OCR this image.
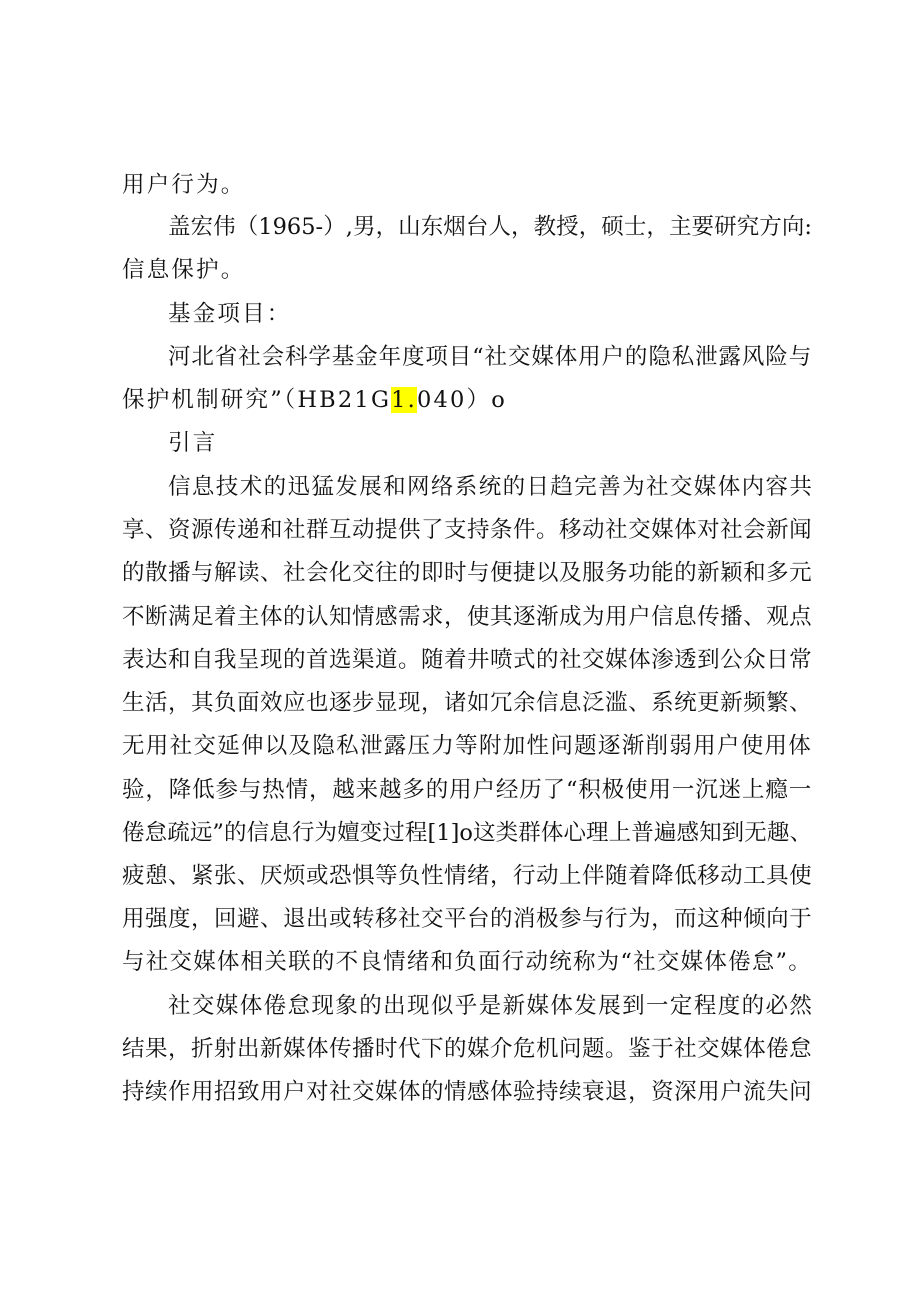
用户行为。

盖宏伟（1965-）,男，山东烟台人，教授，硕士，主要研究方向:

信息保护。

基金项目：

河北省社会科学基金年度项目“社交媒体用户的隐私泄露风险与

保护机制研究”（HB21G1.040）o

引言

信息技术的迅猛发展和网络系统的日趋完善为社交媒体内容共

享、资源传递和社群互动提供了支持条件。移动社交媒体对社会新闻

的散播与解读、社会化交往的即时与便捷以及服务功能的新颖和多元

不断满足着主体的认知情感需求，使其逐渐成为用户信息传播、观点

表达和自我呈现的首选渠道。随着井喷式的社交媒体渗透到公众日常

生活，其负面效应也逐步显现，诸如冗余信息泛滥、系统更新频繁、

无用社交延伸以及隐私泄露压力等附加性问题逐渐削弱用户使用体

验，降低参与热情，越来越多的用户经历了“积极使用一沉迷上瘾一

倦怠疏远”的信息行为嬗变过程[1]o这类群体心理上普遍感知到无趣、

疲憩、紧张、厌烦或恐惧等负性情绪，行动上伴随着降低移动工具使

用强度，回避、退出或转移社交平台的消极参与行为，而这种倾向于

与社交媒体相关联的不良情绪和负面行动统称为“社交媒体倦怠”。

社交媒体倦怠现象的出现似乎是新媒体发展到一定程度的必然

结果，折射出新媒体传播时代下的媒介危机问题。鉴于社交媒体倦怠

持续作用招致用户对社交媒体的情感体验持续衰退，资深用户流失问
